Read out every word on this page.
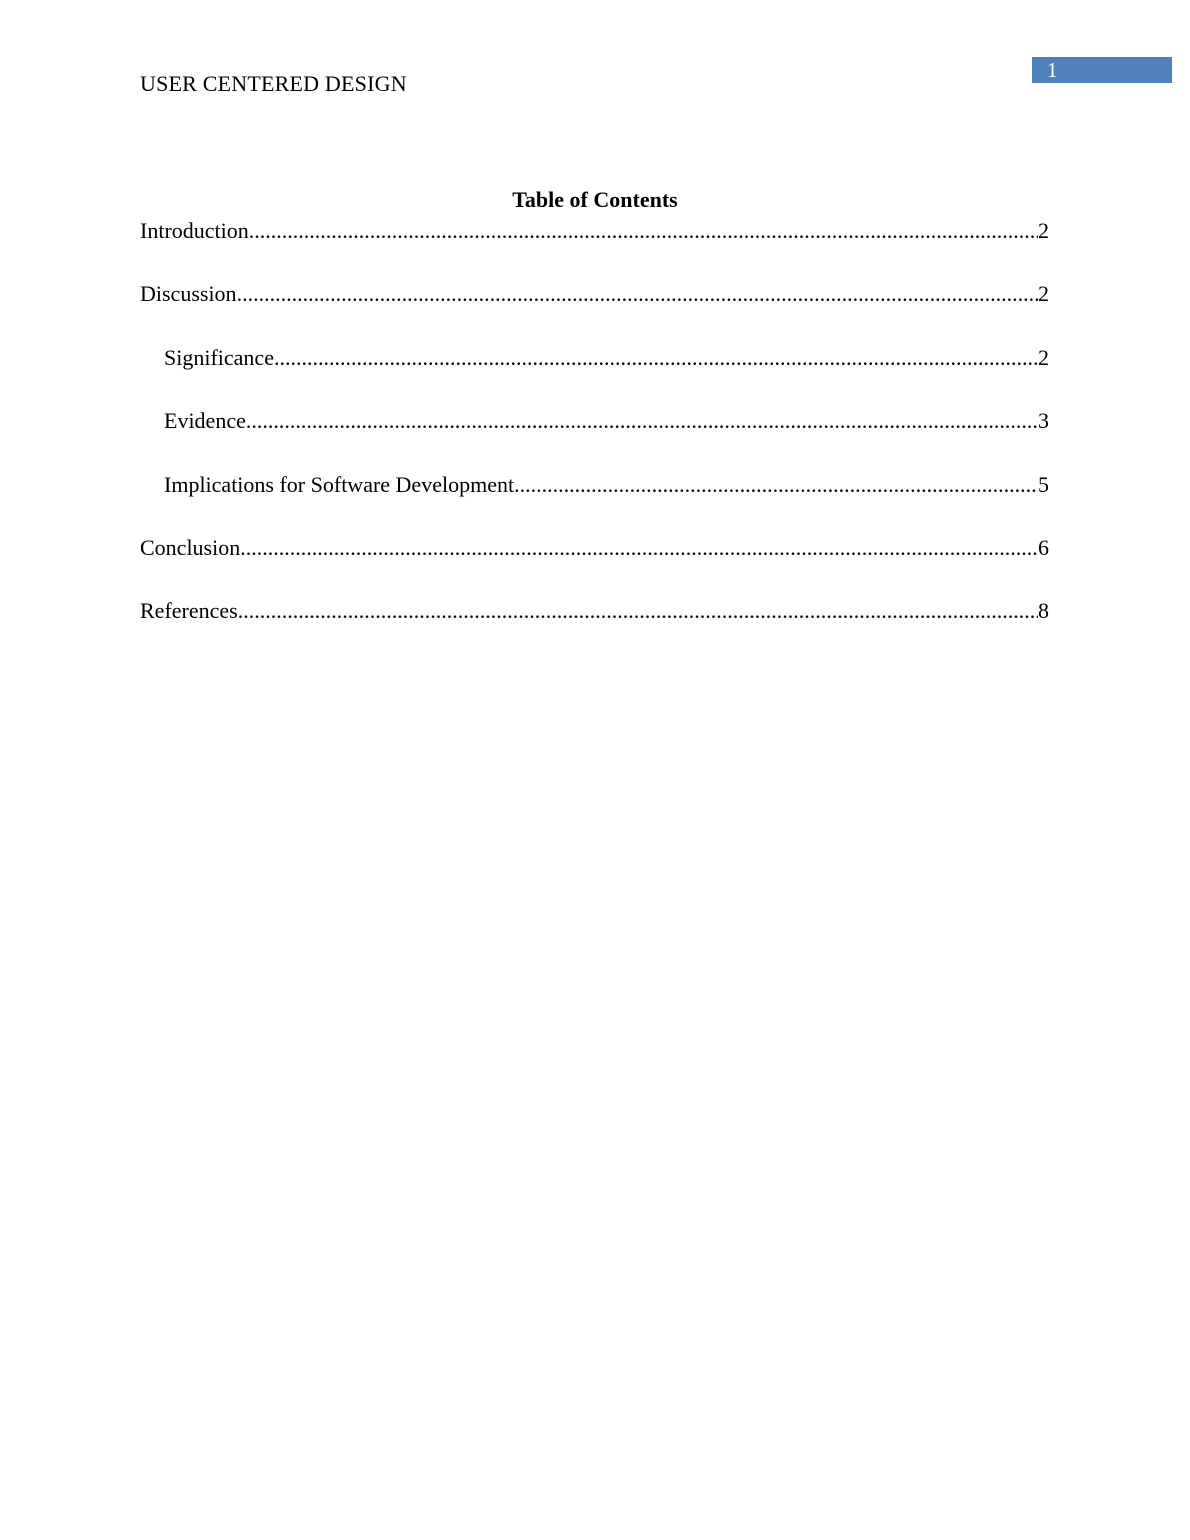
USER CENTERED DESIGN
1
Table of Contents
Introduction .....	2
Discussion .....	2
Significance .....	2
Evidence .....	3
Implications for Software Development .....	5
Conclusion .....	6
References .....	8
